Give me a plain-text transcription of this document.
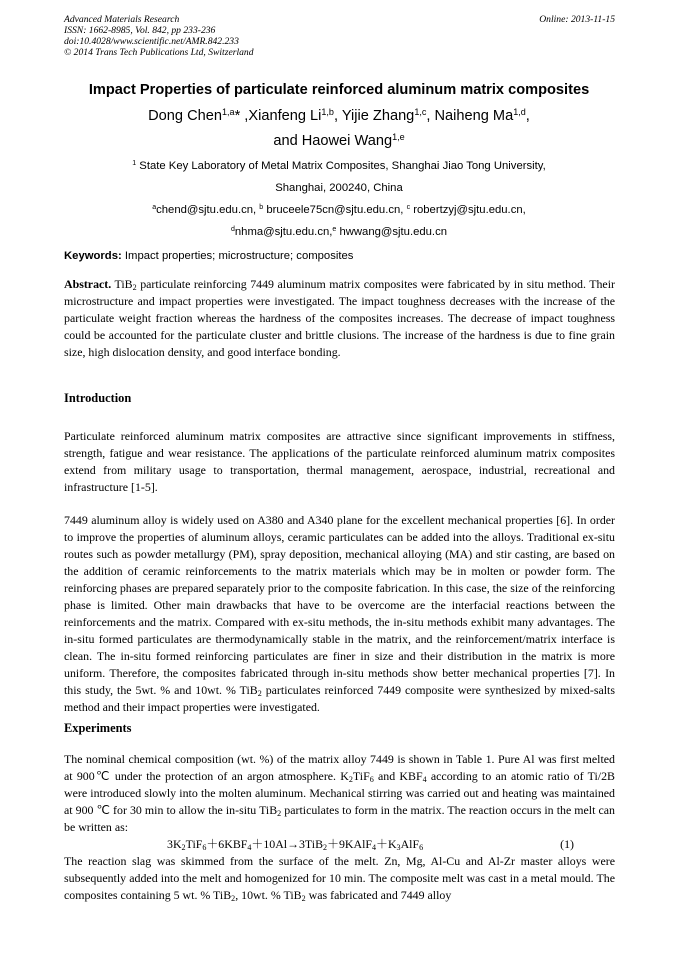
Advanced Materials Research
ISSN: 1662-8985, Vol. 842, pp 233-236
doi:10.4028/www.scientific.net/AMR.842.233
© 2014 Trans Tech Publications Ltd, Switzerland
Online: 2013-11-15
Impact Properties of particulate reinforced aluminum matrix composites
Dong Chen$^{1,a}$* ,Xianfeng Li$^{1,b}$, Yijie Zhang$^{1,c}$, Naiheng Ma$^{1,d}$,
and Haowei Wang$^{1,e}$
$^1$ State Key Laboratory of Metal Matrix Composites, Shanghai Jiao Tong University,
Shanghai, 200240, China
$^a$chend@sjtu.edu.cn, $^b$ bruceele75cn@sjtu.edu.cn, $^c$ robertzyj@sjtu.edu.cn,
$^d$nhma@sjtu.edu.cn,$^e$ hwwang@sjtu.edu.cn
Keywords: Impact properties; microstructure; composites
Abstract. TiB$_2$ particulate reinforcing 7449 aluminum matrix composites were fabricated by in situ method. Their microstructure and impact properties were investigated. The impact toughness decreases with the increase of the particulate weight fraction whereas the hardness of the composites increases. The decrease of impact toughness could be accounted for the particulate cluster and brittle clusions. The increase of the hardness is due to fine grain size, high dislocation density, and good interface bonding.
Introduction
Particulate reinforced aluminum matrix composites are attractive since significant improvements in stiffness, strength, fatigue and wear resistance. The applications of the particulate reinforced aluminum matrix composites extend from military usage to transportation, thermal management, aerospace, industrial, recreational and infrastructure [1-5].
7449 aluminum alloy is widely used on A380 and A340 plane for the excellent mechanical properties [6]. In order to improve the properties of aluminum alloys, ceramic particulates can be added into the alloys. Traditional ex-situ routes such as powder metallurgy (PM), spray deposition, mechanical alloying (MA) and stir casting, are based on the addition of ceramic reinforcements to the matrix materials which may be in molten or powder form. The reinforcing phases are prepared separately prior to the composite fabrication. In this case, the size of the reinforcing phase is limited. Other main drawbacks that have to be overcome are the interfacial reactions between the reinforcements and the matrix. Compared with ex-situ methods, the in-situ methods exhibit many advantages. The in-situ formed particulates are thermodynamically stable in the matrix, and the reinforcement/matrix interface is clean. The in-situ formed reinforcing particulates are finer in size and their distribution in the matrix is more uniform. Therefore, the composites fabricated through in-situ methods show better mechanical properties [7]. In this study, the 5wt. % and 10wt. % TiB$_2$ particulates reinforced 7449 composite were synthesized by mixed-salts method and their impact properties were investigated.
Experiments
The nominal chemical composition (wt. %) of the matrix alloy 7449 is shown in Table 1. Pure Al was first melted at 900℃ under the protection of an argon atmosphere. $K_2TiF_6$ and $KBF_4$ according to an atomic ratio of Ti/2B were introduced slowly into the molten aluminum. Mechanical stirring was carried out and heating was maintained at 900 ℃ for 30 min to allow the in-situ TiB$_2$ particulates to form in the matrix. The reaction occurs in the melt can be written as:
$3K_2TiF_6+6KBF_4+10Al\to 3TiB_2+9KAlF_4+K_3AlF_6$	(1)
The reaction slag was skimmed from the surface of the melt. Zn, Mg, Al-Cu and Al-Zr master alloys were subsequently added into the melt and homogenized for 10 min. The composite melt was cast in a metal mould. The composites containing 5 wt. % TiB$_2$, 10wt. % TiB$_2$ was fabricated and 7449 alloy
